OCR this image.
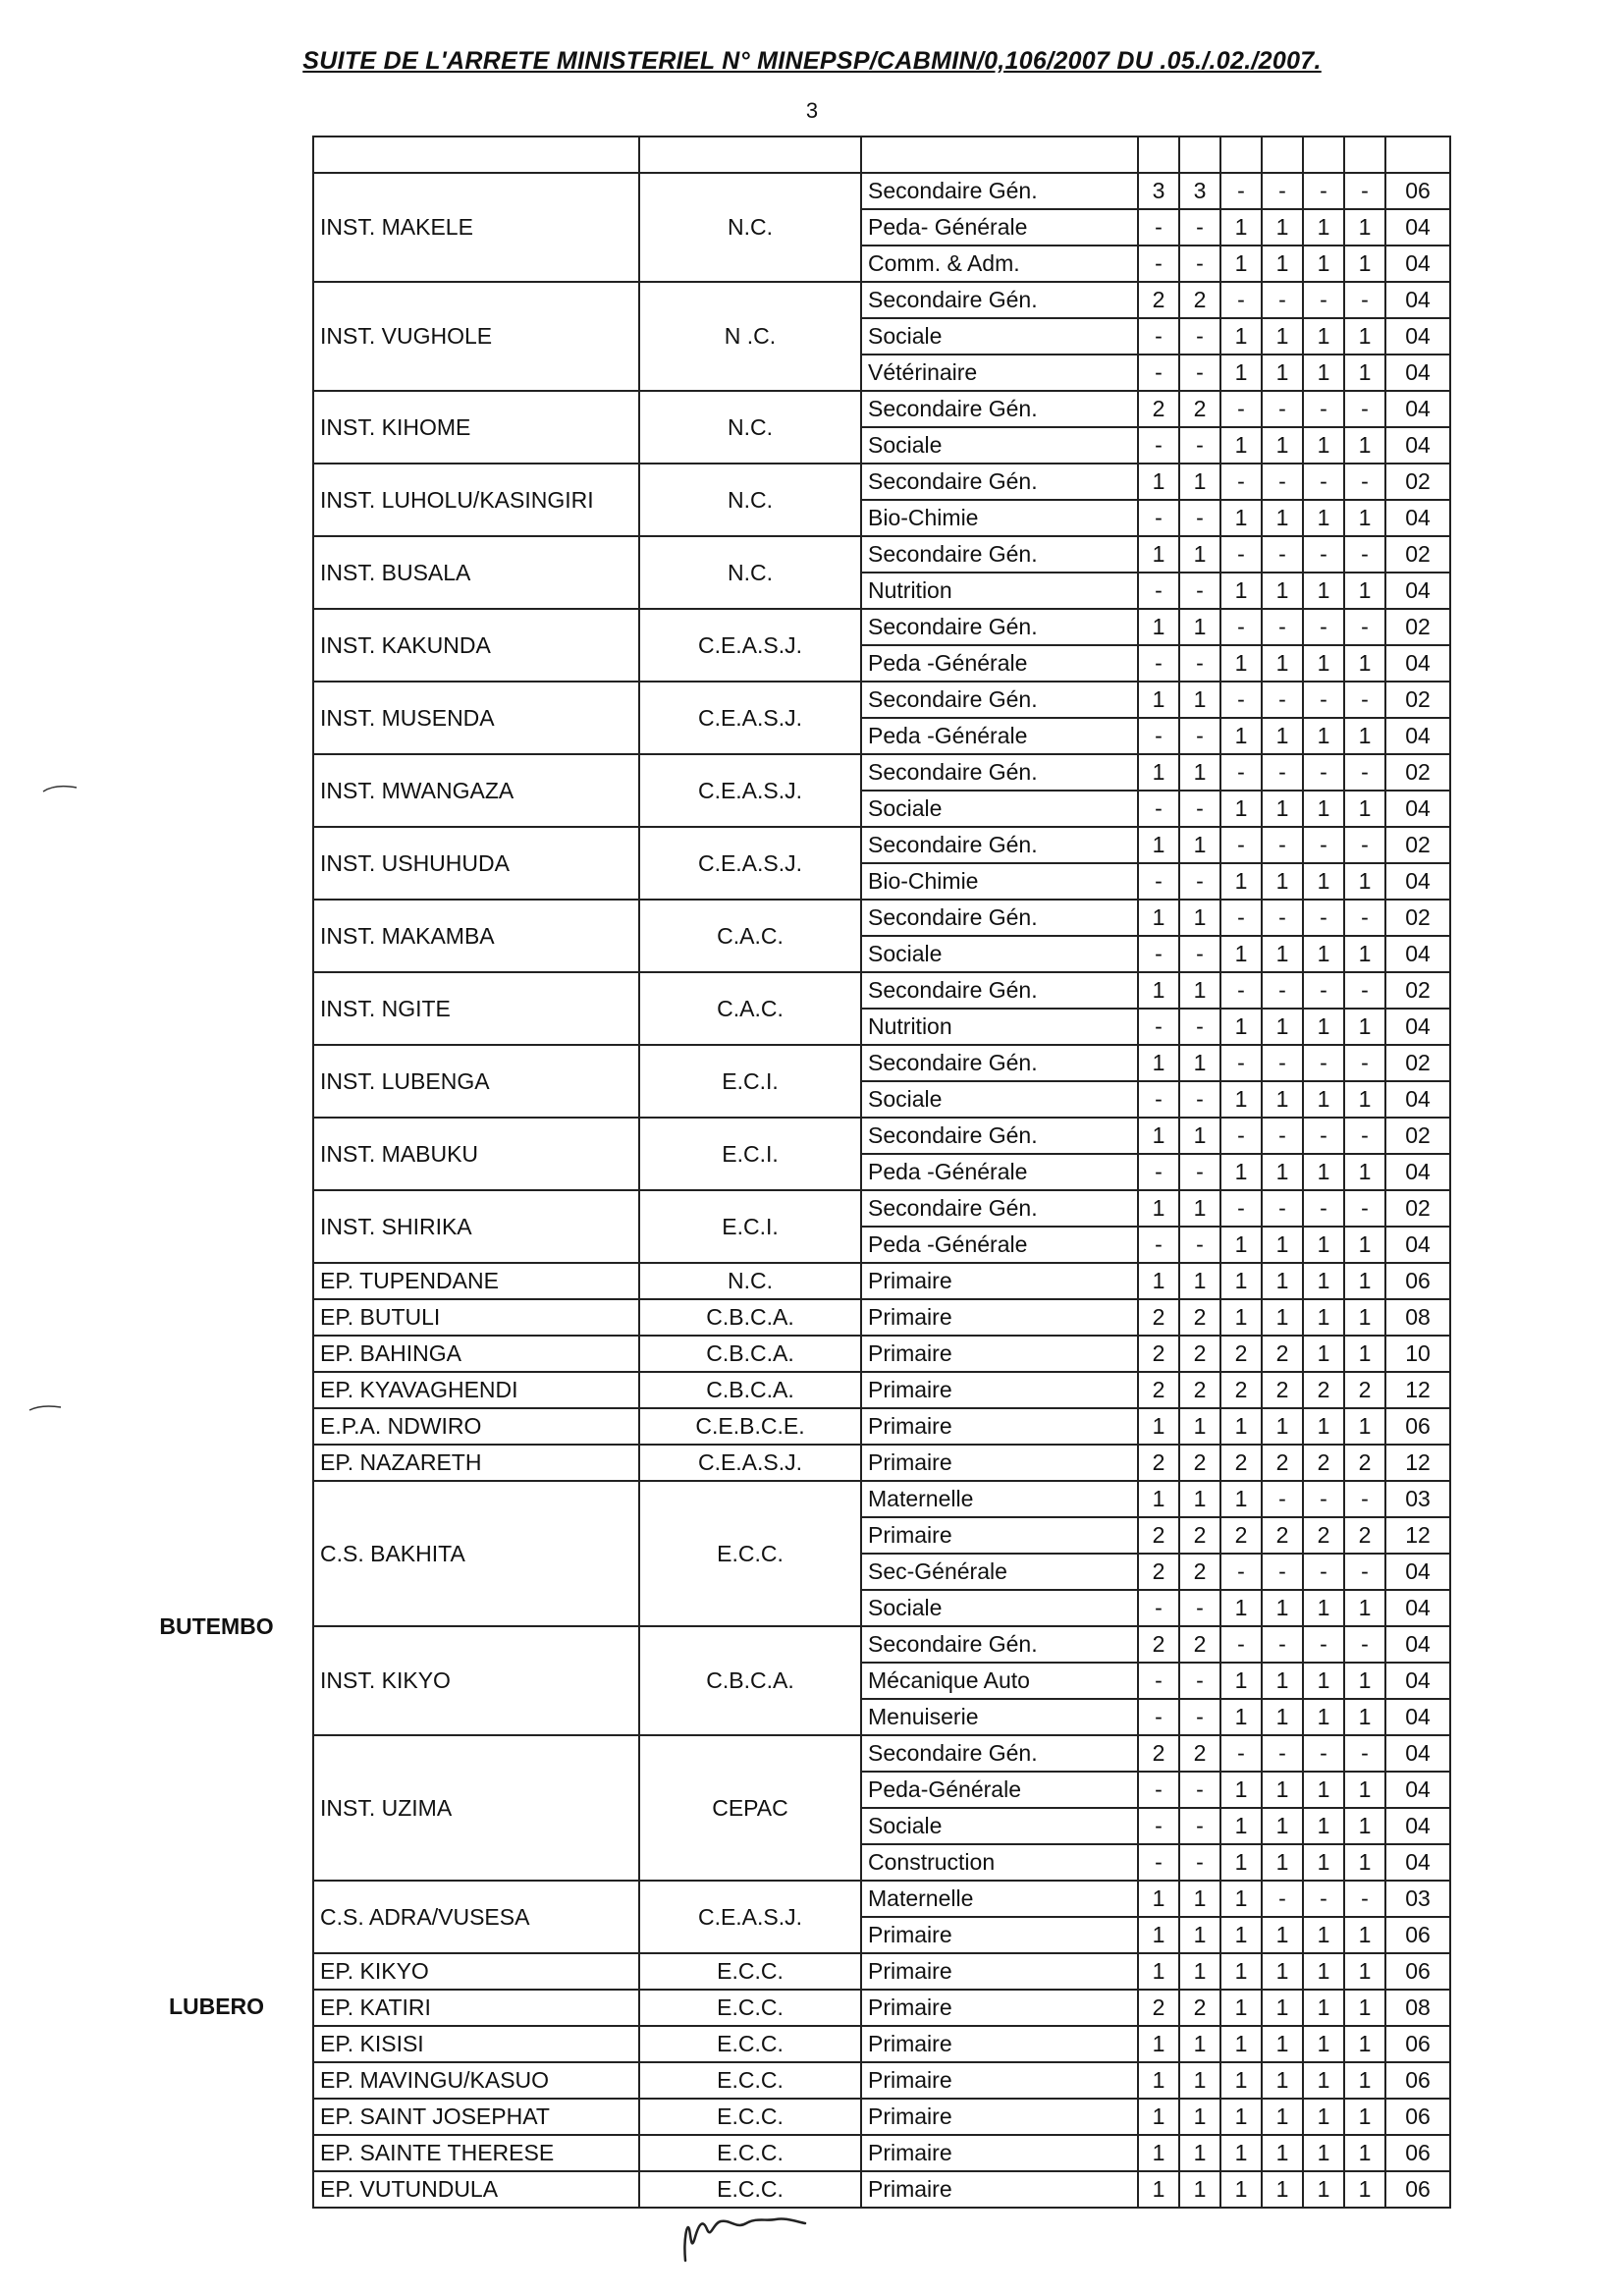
SUITE DE L'ARRETE MINISTERIEL N° MINEPSP/CABMIN/0,106/2007 DU .05./.02./2007.
3

	INST. MAKELE	N.C.	Secondaire Gén.	3	3	-	-	-	-	06
			Peda- Générale	-	-	1	1	1	1	04
			Comm. & Adm.	-	-	1	1	1	1	04
	INST. VUGHOLE	N .C.	Secondaire Gén.	2	2	-	-	-	-	04
			Sociale	-	-	1	1	1	1	04
			Vétérinaire	-	-	1	1	1	1	04
	INST. KIHOME	N.C.	Secondaire Gén.	2	2	-	-	-	-	04
			Sociale	-	-	1	1	1	1	04
	INST. LUHOLU/KASINGIRI	N.C.	Secondaire Gén.	1	1	-	-	-	-	02
			Bio-Chimie	-	-	1	1	1	1	04
	INST. BUSALA	N.C.	Secondaire Gén.	1	1	-	-	-	-	02
			Nutrition	-	-	1	1	1	1	04
	INST. KAKUNDA	C.E.A.S.J.	Secondaire Gén.	1	1	-	-	-	-	02
			Peda -Générale	-	-	1	1	1	1	04
	INST. MUSENDA	C.E.A.S.J.	Secondaire Gén.	1	1	-	-	-	-	02
			Peda -Générale	-	-	1	1	1	1	04
	INST. MWANGAZA	C.E.A.S.J.	Secondaire Gén.	1	1	-	-	-	-	02
			Sociale	-	-	1	1	1	1	04
	INST. USHUHUDA	C.E.A.S.J.	Secondaire Gén.	1	1	-	-	-	-	02
			Bio-Chimie	-	-	1	1	1	1	04
	INST. MAKAMBA	C.A.C.	Secondaire Gén.	1	1	-	-	-	-	02
			Sociale	-	-	1	1	1	1	04
	INST. NGITE	C.A.C.	Secondaire Gén.	1	1	-	-	-	-	02
			Nutrition	-	-	1	1	1	1	04
	INST. LUBENGA	E.C.I.	Secondaire Gén.	1	1	-	-	-	-	02
			Sociale	-	-	1	1	1	1	04
	INST. MABUKU	E.C.I.	Secondaire Gén.	1	1	-	-	-	-	02
			Peda -Générale	-	-	1	1	1	1	04
	INST. SHIRIKA	E.C.I.	Secondaire Gén.	1	1	-	-	-	-	02
			Peda -Générale	-	-	1	1	1	1	04
BUTEMBO	EP. TUPENDANE	N.C.	Primaire	1	1	1	1	1	1	06
	EP. BUTULI	C.B.C.A.	Primaire	2	2	1	1	1	1	08
	EP. BAHINGA	C.B.C.A.	Primaire	2	2	2	2	1	1	10
	EP. KYAVAGHENDI	C.B.C.A.	Primaire	2	2	2	2	2	2	12
	E.P.A. NDWIRO	C.E.B.C.E.	Primaire	1	1	1	1	1	1	06
	EP. NAZARETH	C.E.A.S.J.	Primaire	2	2	2	2	2	2	12
	C.S. BAKHITA	E.C.C.	Maternelle	1	1	1	-	-	-	03
			Primaire	2	2	2	2	2	2	12
			Sec-Générale	2	2	-	-	-	-	04
			Sociale	-	-	1	1	1	1	04
	INST. KIKYO	C.B.C.A.	Secondaire Gén.	2	2	-	-	-	-	04
			Mécanique Auto	-	-	1	1	1	1	04
			Menuiserie	-	-	1	1	1	1	04
	INST. UZIMA	CEPAC	Secondaire Gén.	2	2	-	-	-	-	04
			Peda-Générale	-	-	1	1	1	1	04
			Sociale	-	-	1	1	1	1	04
			Construction	-	-	1	1	1	1	04
	C.S. ADRA/VUSESA	C.E.A.S.J.	Maternelle	1	1	1	-	-	-	03
			Primaire	1	1	1	1	1	1	06
	EP. KIKYO	E.C.C.	Primaire	1	1	1	1	1	1	06
LUBERO	EP. KATIRI	E.C.C.	Primaire	2	2	1	1	1	1	08
	EP. KISISI	E.C.C.	Primaire	1	1	1	1	1	1	06
	EP. MAVINGU/KASUO	E.C.C.	Primaire	1	1	1	1	1	1	06
	EP. SAINT JOSEPHAT	E.C.C.	Primaire	1	1	1	1	1	1	06
	EP. SAINTE THERESE	E.C.C.	Primaire	1	1	1	1	1	1	06
	EP. VUTUNDULA	E.C.C.	Primaire	1	1	1	1	1	1	06
